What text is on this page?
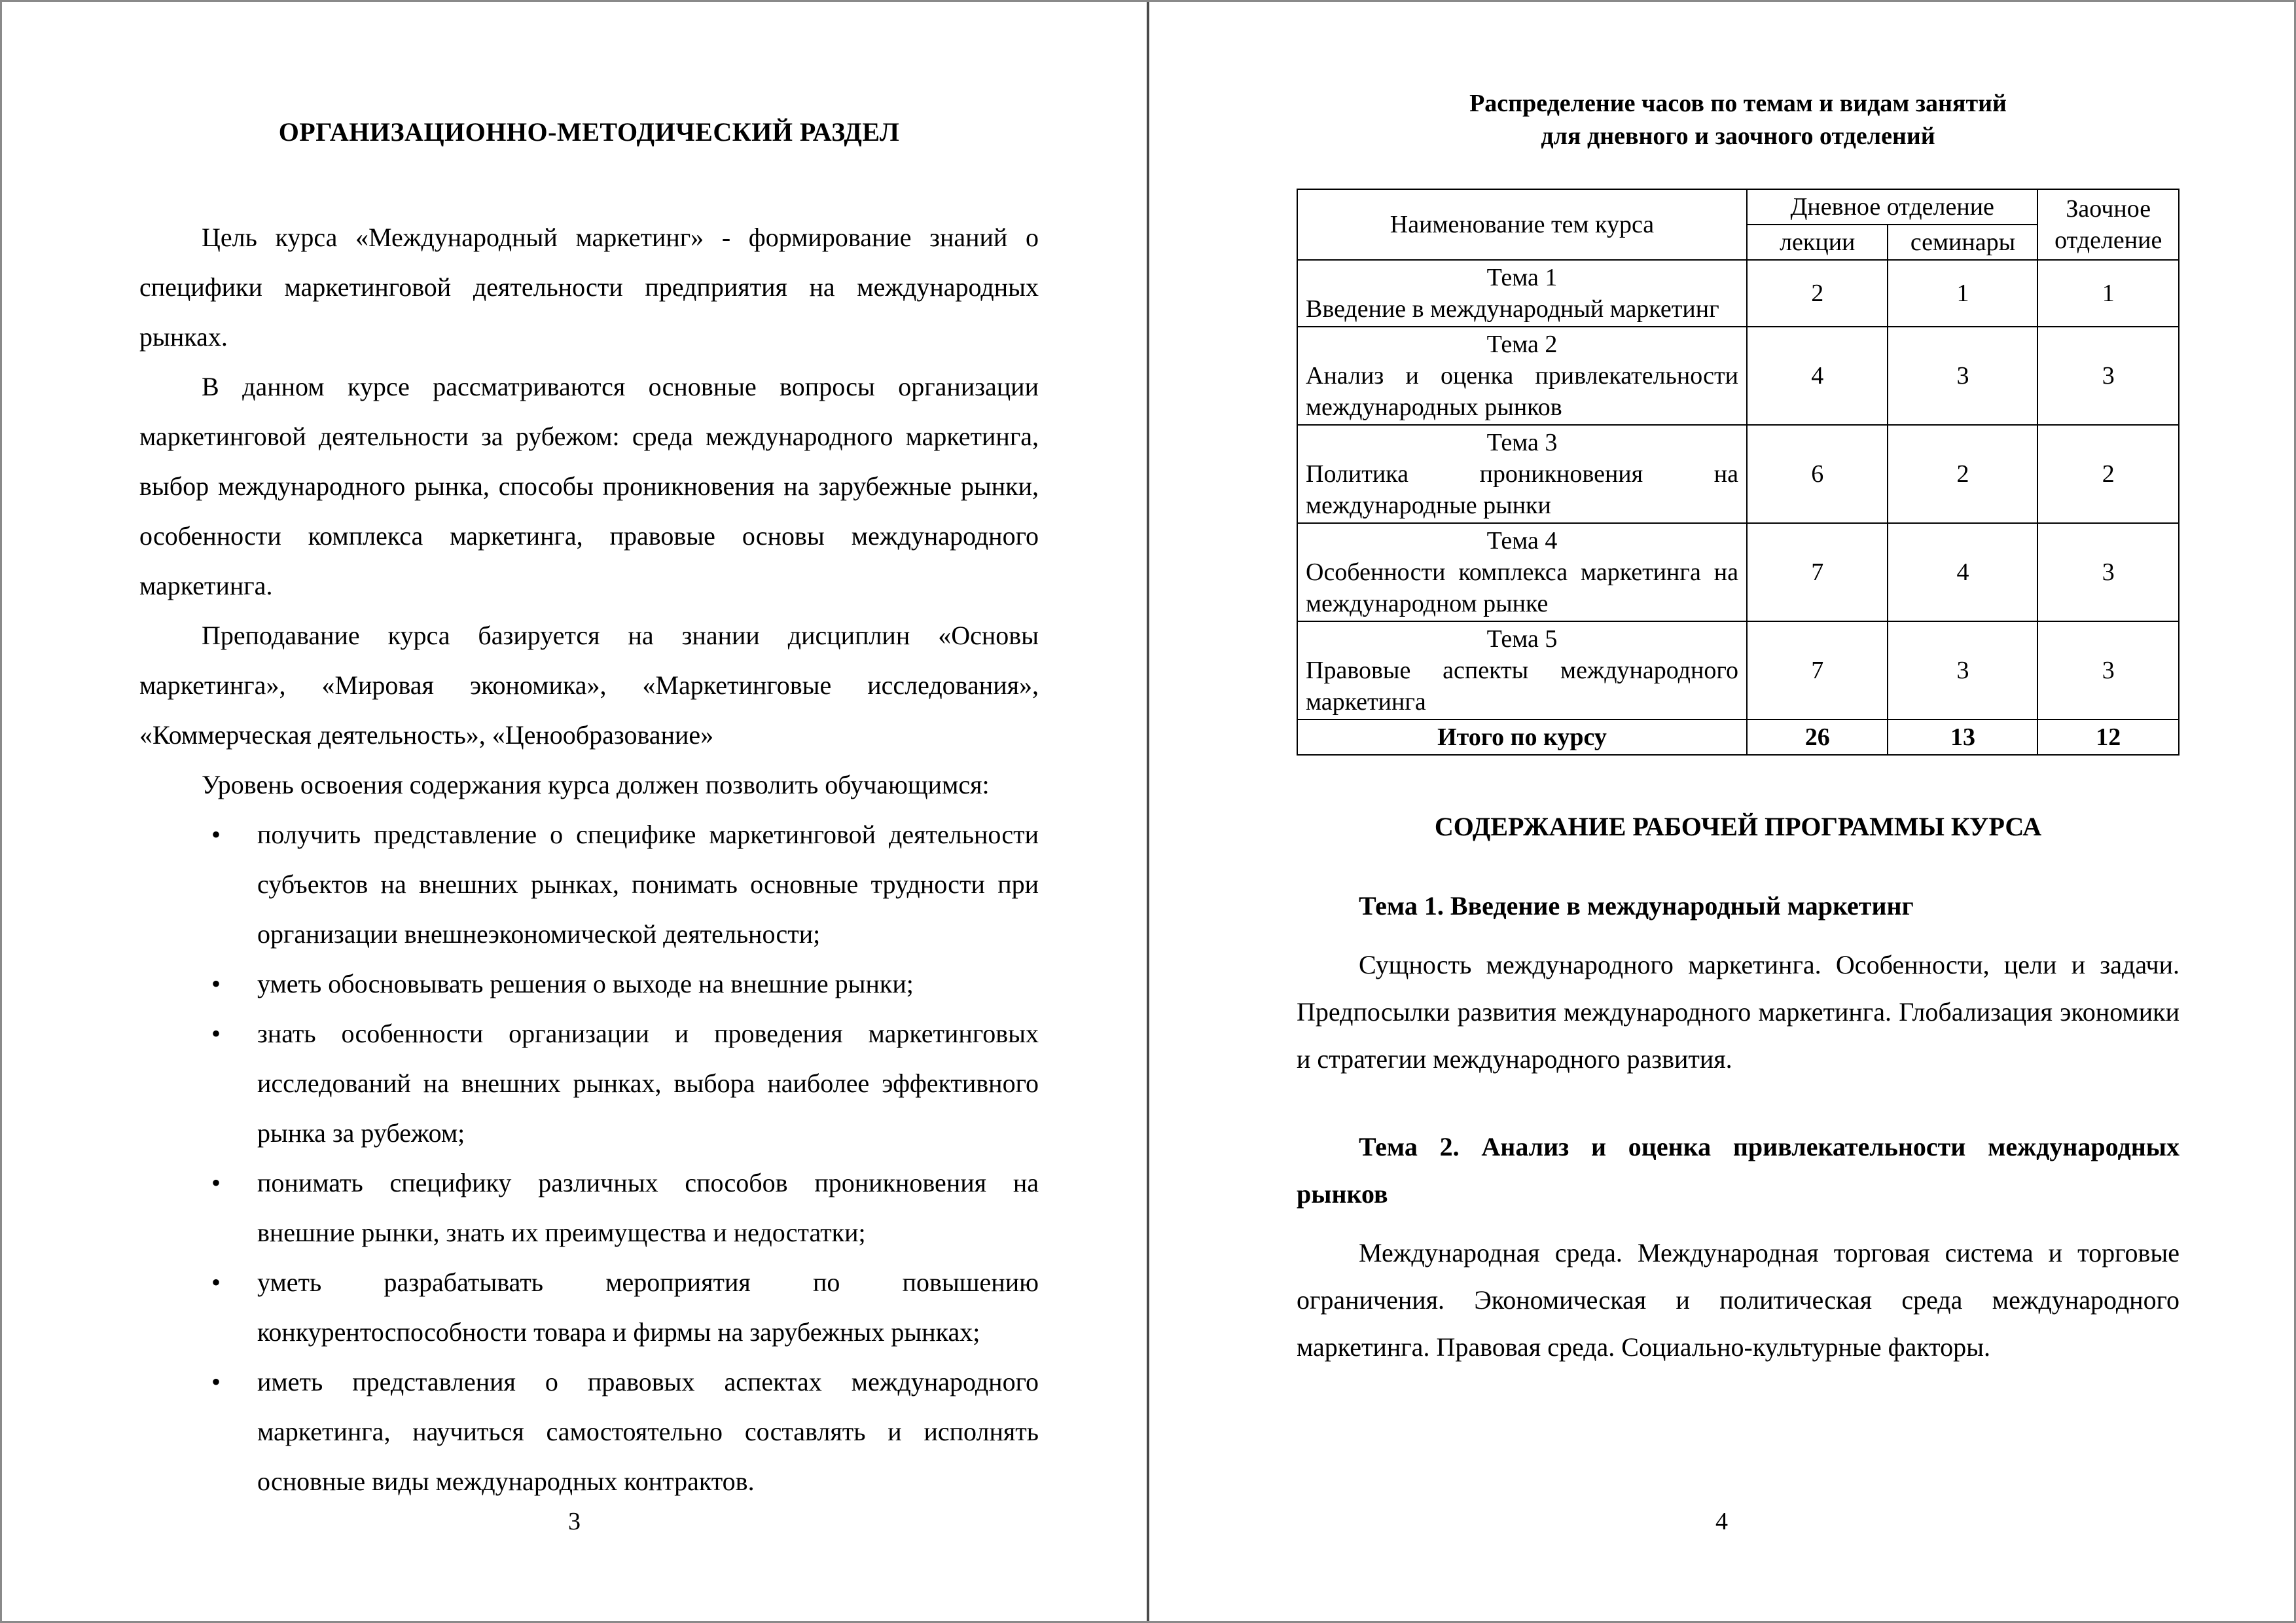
ОРГАНИЗАЦИОННО-МЕТОДИЧЕСКИЙ РАЗДЕЛ

Цель курса «Международный маркетинг» - формирование знаний о специфики маркетинговой деятельности предприятия на международных рынках.

В данном курсе рассматриваются основные вопросы организации маркетинговой деятельности за рубежом: среда международного маркетинга, выбор международного рынка, способы проникновения на зарубежные рынки, особенности комплекса маркетинга, правовые основы международного маркетинга.

Преподавание курса базируется на знании дисциплин «Основы маркетинга», «Мировая экономика», «Маркетинговые исследования», «Коммерческая деятельность», «Ценообразование»

Уровень освоения содержания курса должен позволить обучающимся:

• получить представление о специфике маркетинговой деятельности субъектов на внешних рынках, понимать основные трудности при организации внешнеэкономической деятельности;
• уметь обосновывать решения о выходе на внешние рынки;
• знать особенности организации и проведения маркетинговых исследований на внешних рынках, выбора наиболее эффективного рынка за рубежом;
• понимать специфику различных способов проникновения на внешние рынки, знать их преимущества и недостатки;
• уметь разрабатывать мероприятия по повышению конкурентоспособности товара и фирмы на зарубежных рынках;
• иметь представления о правовых аспектах международного маркетинга, научиться самостоятельно составлять и исполнять основные виды международных контрактов.
3
Распределение часов по темам и видам занятий
для дневного и заочного отделений
Наименование тем курса	Дневное отделение		Заочное отделение
	лекции	семинары	

Тема 1
Введение в международный маркетинг	2	1	1

Тема 2
Анализ и оценка привлекательности международных рынков	4	3	3

Тема 3
Политика проникновения на международные рынки	6	2	2

Тема 4
Особенности комплекса маркетинга на международном рынке	7	4	3

Тема 5
Правовые аспекты международного маркетинга	7	3	3
Итого по курсу	26	13	12
СОДЕРЖАНИЕ РАБОЧЕЙ ПРОГРАММЫ КУРСА

Тема 1. Введение в международный маркетинг

Сущность международного маркетинга. Особенности, цели и задачи. Предпосылки развития международного маркетинга. Глобализация экономики и стратегии международного развития.

Тема 2. Анализ и оценка привлекательности международных рынков

Международная среда. Международная торговая система и торговые ограничения. Экономическая и политическая среда международного маркетинга. Правовая среда. Социально-культурные факторы.

4
